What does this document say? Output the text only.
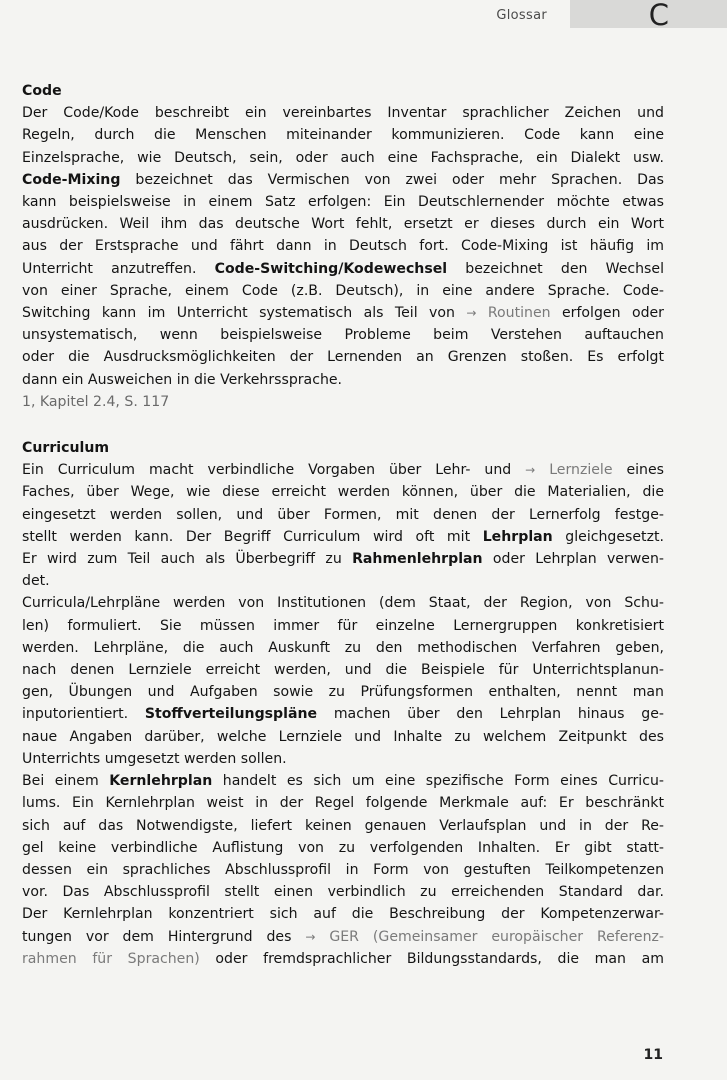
Glossar	C
Code

Der Code/Kode beschreibt ein vereinbartes Inventar sprachlicher Zeichen und
Regeln, durch die Menschen miteinander kommunizieren. Code kann eine
Einzelsprache, wie Deutsch, sein, oder auch eine Fachsprache, ein Dialekt usw.
Code-Mixing bezeichnet das Vermischen von zwei oder mehr Sprachen. Das
kann beispielsweise in einem Satz erfolgen: Ein Deutschlernender möchte etwas
ausdrücken. Weil ihm das deutsche Wort fehlt, ersetzt er dieses durch ein Wort
aus der Erstsprache und fährt dann in Deutsch fort. Code-Mixing ist häufig im
Unterricht anzutreffen. Code-Switching/Kodewechsel bezeichnet den Wechsel
von einer Sprache, einem Code (z.B. Deutsch), in eine andere Sprache. Code-
Switching kann im Unterricht systematisch als Teil von → Routinen erfolgen oder
unsystematisch, wenn beispielsweise Probleme beim Verstehen auftauchen
oder die Ausdrucksmöglichkeiten der Lernenden an Grenzen stoßen. Es erfolgt
dann ein Ausweichen in die Verkehrssprache.

1, Kapitel 2.4, S. 117
Curriculum

Ein Curriculum macht verbindliche Vorgaben über Lehr- und → Lernziele eines
Faches, über Wege, wie diese erreicht werden können, über die Materialien, die
eingesetzt werden sollen, und über Formen, mit denen der Lernerfolg festge-
stellt werden kann. Der Begriff Curriculum wird oft mit Lehrplan gleichgesetzt.
Er wird zum Teil auch als Überbegriff zu Rahmenlehrplan oder Lehrplan verwen-
det.
Curricula/Lehrpläne werden von Institutionen (dem Staat, der Region, von Schu-
len) formuliert. Sie müssen immer für einzelne Lernergruppen konkretisiert
werden. Lehrpläne, die auch Auskunft zu den methodischen Verfahren geben,
nach denen Lernziele erreicht werden, und die Beispiele für Unterrichtsplanun-
gen, Übungen und Aufgaben sowie zu Prüfungsformen enthalten, nennt man
inputorientiert. Stoffverteilungspläne machen über den Lehrplan hinaus ge-
naue Angaben darüber, welche Lernziele und Inhalte zu welchem Zeitpunkt des
Unterrichts umgesetzt werden sollen.
Bei einem Kernlehrplan handelt es sich um eine spezifische Form eines Curricu-
lums. Ein Kernlehrplan weist in der Regel folgende Merkmale auf: Er beschränkt
sich auf das Notwendigste, liefert keinen genauen Verlaufsplan und in der Re-
gel keine verbindliche Auflistung von zu verfolgenden Inhalten. Er gibt statt-
dessen ein sprachliches Abschlussprofil in Form von gestuften Teilkompetenzen
vor. Das Abschlussprofil stellt einen verbindlich zu erreichenden Standard dar.
Der Kernlehrplan konzentriert sich auf die Beschreibung der Kompetenzerwar-
tungen vor dem Hintergrund des → GER (Gemeinsamer europäischer Referenz-
rahmen für Sprachen) oder fremdsprachlicher Bildungsstandards, die man am

11
